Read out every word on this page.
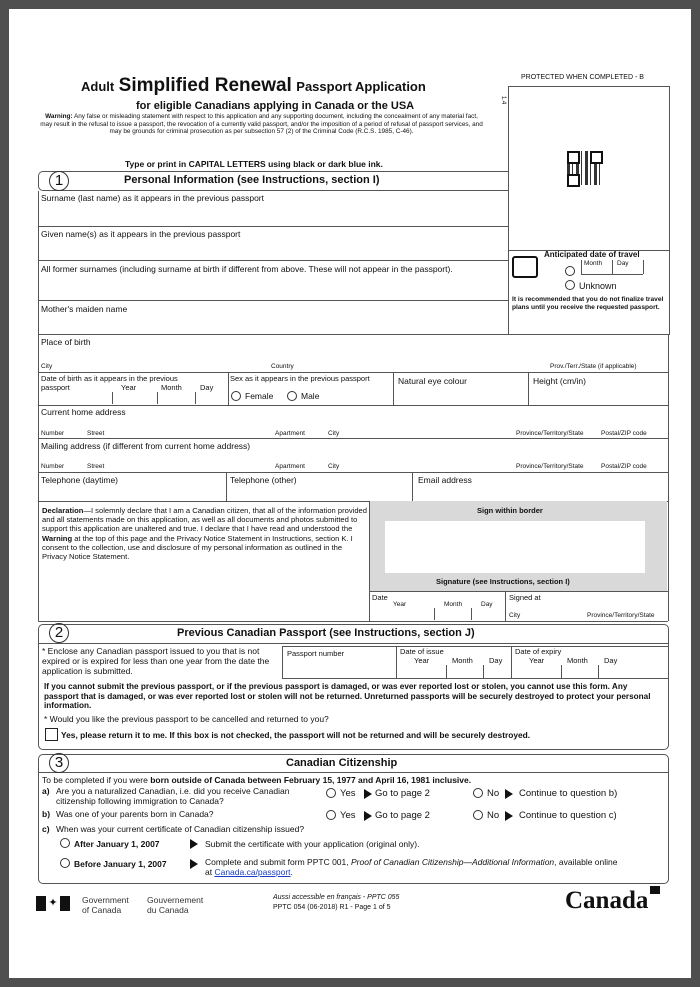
Adult Simplified Renewal Passport Application
for eligible Canadians applying in Canada or the USA
Warning: Any false or misleading statement with respect to this application and any supporting document, including the concealment of any material fact, may result in the refusal to issue a passport, the revocation of a currently valid passport, and/or the imposition of a period of refusal of passport services, and may be grounds for criminal prosecution as per subsection 57 (2) of the Criminal Code (R.C.S. 1985, C-46).
1.4
Type or print in CAPITAL LETTERS using black or dark blue ink.
PROTECTED WHEN COMPLETED - B
Anticipated date of travel
Month Day
Unknown
It is recommended that you do not finalize travel plans until you receive the requested passport.
1	Personal Information (see Instructions, section I)
Surname (last name) as it appears in the previous passport
Given name(s) as it appears in the previous passport
All former surnames (including surname at birth if different from above. These will not appear in the passport).
Mother's maiden name
Place of birth
City	Country	Prov./Terr./State (if applicable)
Date of birth as it appears in the previous passport	Year	Month Day
Sex as it appears in the previous passport
Female	Male
Natural eye colour	Height (cm/in)
Current home address
Number	Street	Apartment	City	Province/Territory/State	Postal/ZIP code
Mailing address (if different from current home address)
Number	Street	Apartment	City	Province/Territory/State	Postal/ZIP code
Telephone (daytime)	Telephone (other)	Email address
Declaration—I solemnly declare that I am a Canadian citizen, that all of the information provided and all statements made on this application, as well as all documents and photos submitted to support this application are unaltered and true. I declare that I have read and understood the Warning at the top of this page and the Privacy Notice Statement in Instructions, section K. I consent to the collection, use and disclosure of my personal information as outlined in the Privacy Notice Statement.
Sign within border
Signature (see Instructions, section I)
Date
Year	Month	Day
Signed at
City	Province/Territory/State
2	Previous Canadian Passport (see Instructions, section J)
* Enclose any Canadian passport issued to you that is not expired or is expired for less than one year from the date the application is submitted.
Passport number	Date of issue
Year	Month Day
Date of expiry
Year	Month Day
If you cannot submit the previous passport, or if the previous passport is damaged, or was ever reported lost or stolen, you cannot use this form. Any passport that is damaged, or was ever reported lost or stolen will not be returned. Unreturned passports will be securely destroyed to protect your personal information.
* Would you like the previous passport to be cancelled and returned to you?
Yes, please return it to me. If this box is not checked, the passport will not be returned and will be securely destroyed.
3	Canadian Citizenship
To be completed if you were born outside of Canada between February 15, 1977 and April 16, 1981 inclusive.
a) Are you a naturalized Canadian, i.e. did you receive Canadian citizenship following immigration to Canada?
Yes Go to page 2	No Continue to question b)
b) Was one of your parents born in Canada?	Yes Go to page 2	No Continue to question c)
c) When was your current certificate of Canadian citizenship issued?
After January 1, 2007	Submit the certificate with your application (original only).
Before January 1, 2007	Complete and submit form PPTC 001, Proof of Canadian Citizenship—Additional Information, available online at Canada.ca/passport.
✦	Government
of Canada
Gouvernement
du Canada
Aussi accessible en français - PPTC 055
PPTC 054 (06-2018) R1 - Page 1 of 5	Canada
